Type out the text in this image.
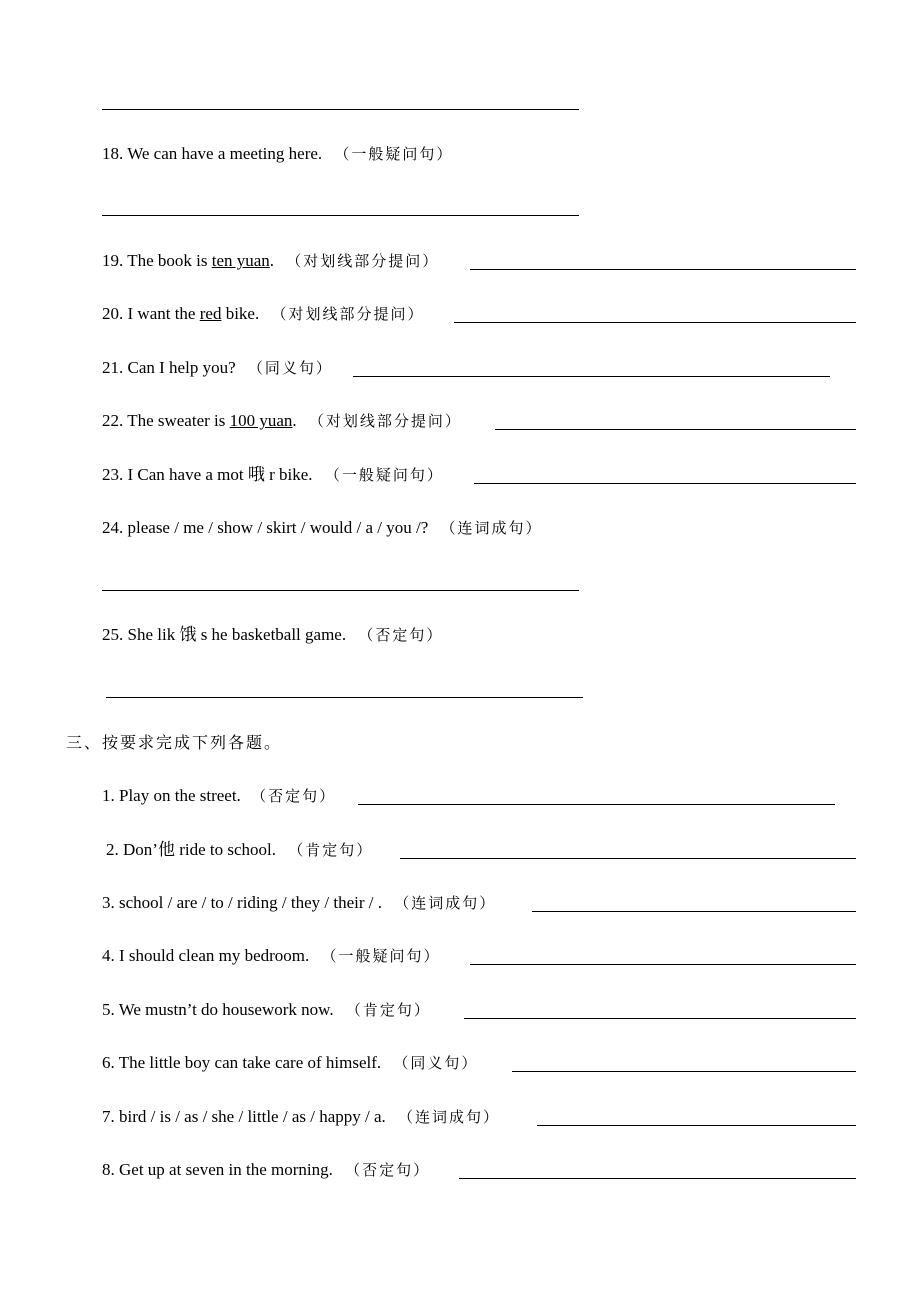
18. We can have a meeting here. （一般疑问句）
19. The book is ten yuan. （对划线部分提问）
20. I want the red bike. （对划线部分提问）
21. Can I help you? （同义句）
22. The sweater is 100 yuan. （对划线部分提问）
23. I Can have a mot 哦 r bike. （一般疑问句）
24. please / me / show / skirt / would / a / you /? （连词成句）
25. She lik 饿 s he basketball game. （否定句）
三、按要求完成下列各题。
1. Play on the street. （否定句）
2. Don’他 ride to school. （肯定句）
3. school / are / to / riding / they / their / . （连词成句）
4. I should clean my bedroom. （一般疑问句）
5. We mustn’t do housework now. （肯定句）
6. The little boy can take care of himself. （同义句）
7. bird / is / as / she / little / as / happy / a. （连词成句）
8. Get up at seven in the morning. （否定句）
